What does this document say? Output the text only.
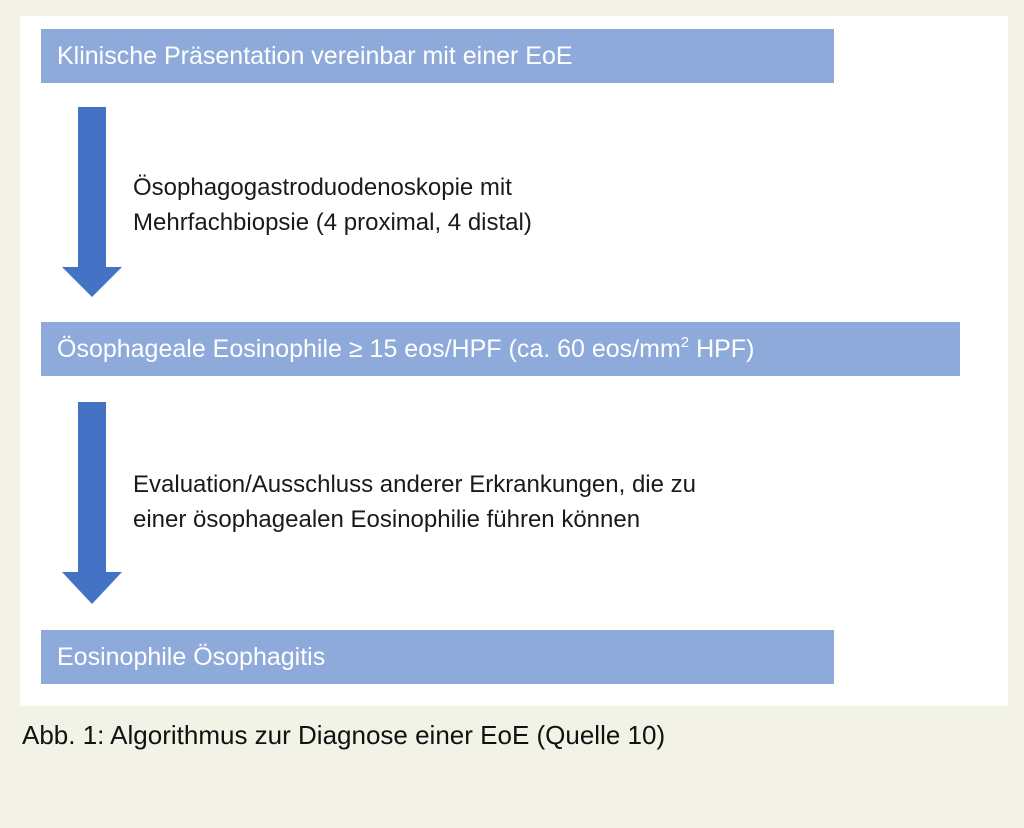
Klinische Präsentation vereinbar mit einer EoE
Ösophagogastroduodenoskopie mit
Mehrfachbiopsie (4 proximal, 4 distal)
Ösophageale Eosinophile ≥ 15 eos/HPF (ca. 60 eos/$mm^2$ HPF)
Evaluation/Ausschluss anderer Erkrankungen, die zu
einer ösophagealen Eosinophilie führen können
Eosinophile Ösophagitis
Abb. 1: Algorithmus zur Diagnose einer EoE (Quelle 10)
